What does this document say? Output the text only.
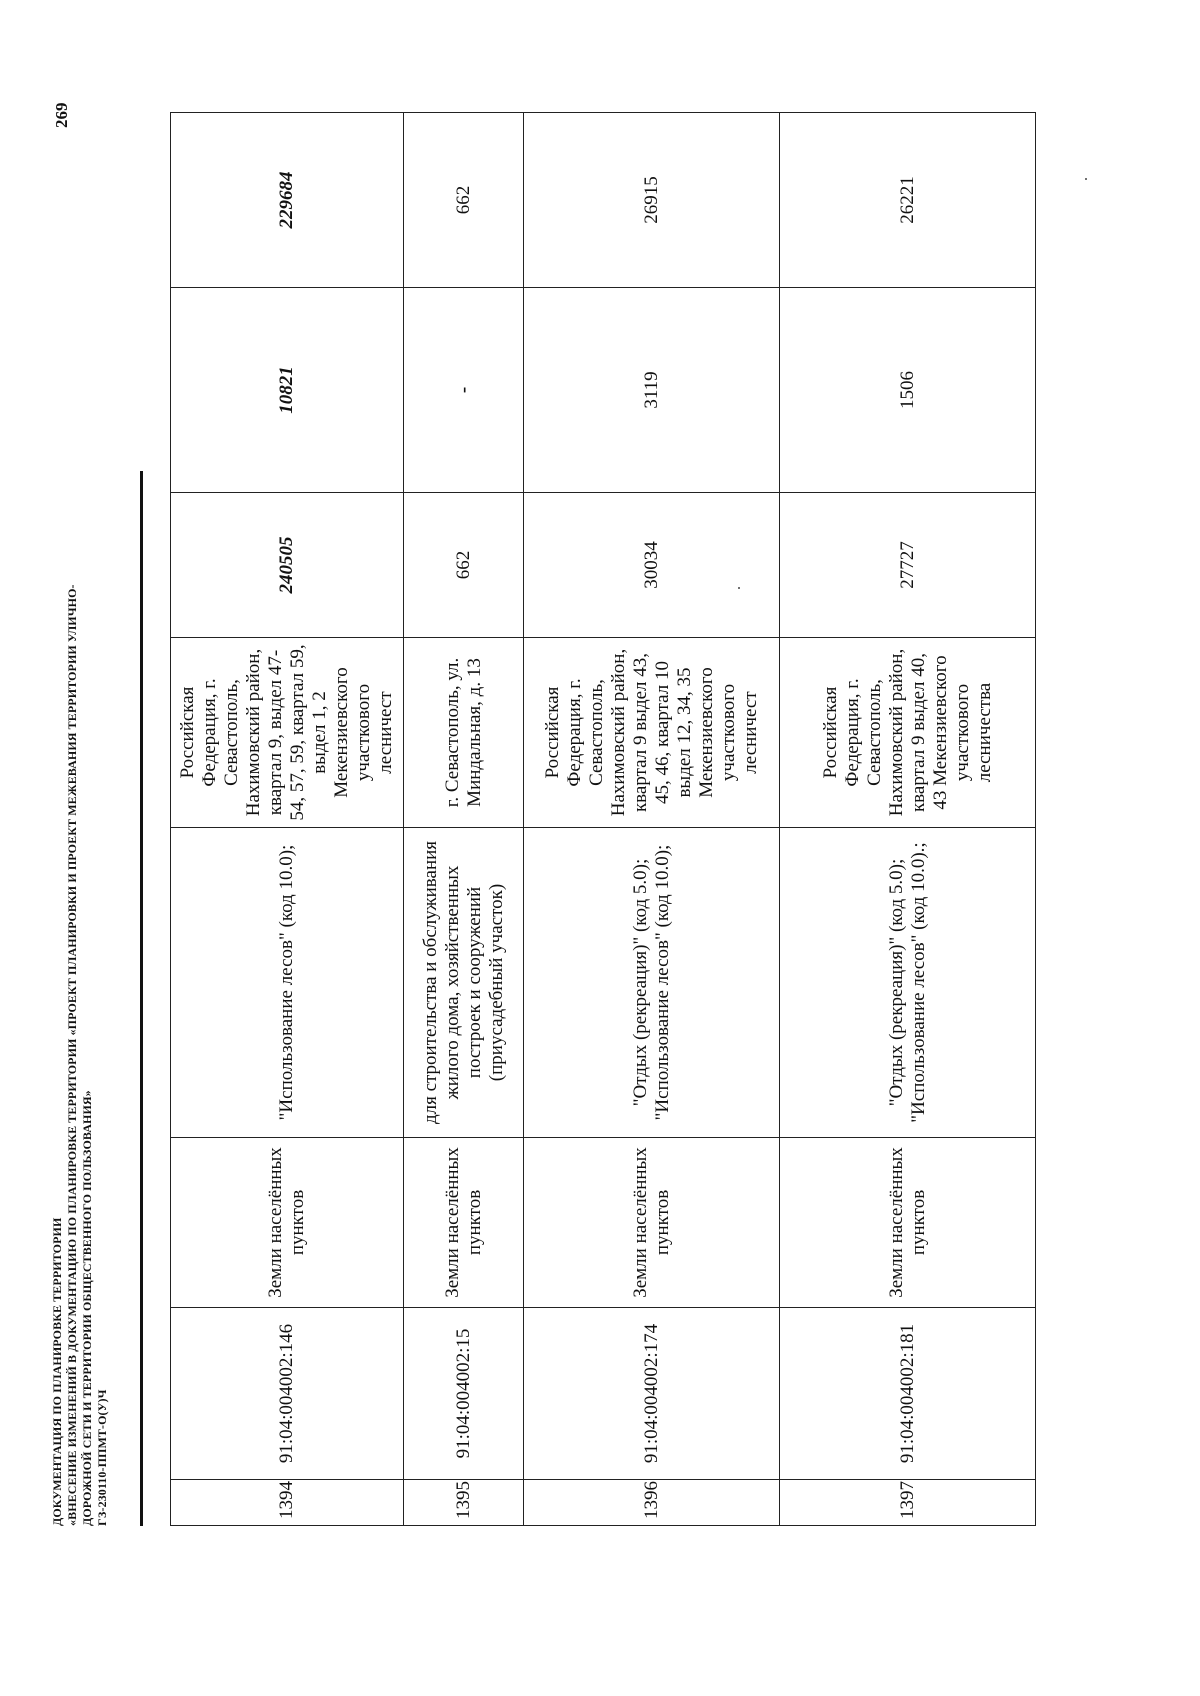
ДОКУМЕНТАЦИЯ ПО ПЛАНИРОВКЕ ТЕРРИТОРИИ «ВНЕСЕНИЕ ИЗМЕНЕНИЙ В ДОКУМЕНТАЦИЮ ПО ПЛАНИРОВКЕ ТЕРРИТОРИИ «ПРОЕКТ ПЛАНИРОВКИ И ПРОЕКТ МЕЖЕВАНИЯ ТЕРРИТОРИИ УЛИЧНО- ДОРОЖНОЙ СЕТИ И ТЕРРИТОРИИ ОБЩЕСТВЕННОГО ПОЛЬЗОВАНИЯ» ГЗ-230110-ППМТ-О(У)Ч
269
1394	91:04:004002:146	Земли населённых пунктов	"Использование лесов" (код 10.0);	Российская Федерация, г. Севастополь, Нахимовский район, квартал 9, выдел 47-54, 57, 59, квартал 59, выдел 1, 2 Мекензиевского участкового лесничест	240505	10821	229684
1395	91:04:004002:15	Земли населённых пунктов	для строительства и обслуживания жилого дома, хозяйственных построек и сооружений (приусадебный участок)	г. Севастополь, ул. Миндальная, д. 13	662	-	662
1396	91:04:004002:174	Земли населённых пунктов	"Отдых (рекреация)" (код 5.0); "Использование лесов" (код 10.0);	Российская Федерация, г. Севастополь, Нахимовский район, квартал 9 выдел 43, 45, 46, квартал 10 выдел 12, 34, 35 Мекензиевского участкового лесничест	30034	3119	26915
1397	91:04:004002:181	Земли населённых пунктов	"Отдых (рекреация)" (код 5.0); "Использование лесов" (код 10.0).;	Российская Федерация, г. Севастополь, Нахимовский район, квартал 9 выдел 40, 43 Мекензиевского участкового лесничества	27727	1506	26221
